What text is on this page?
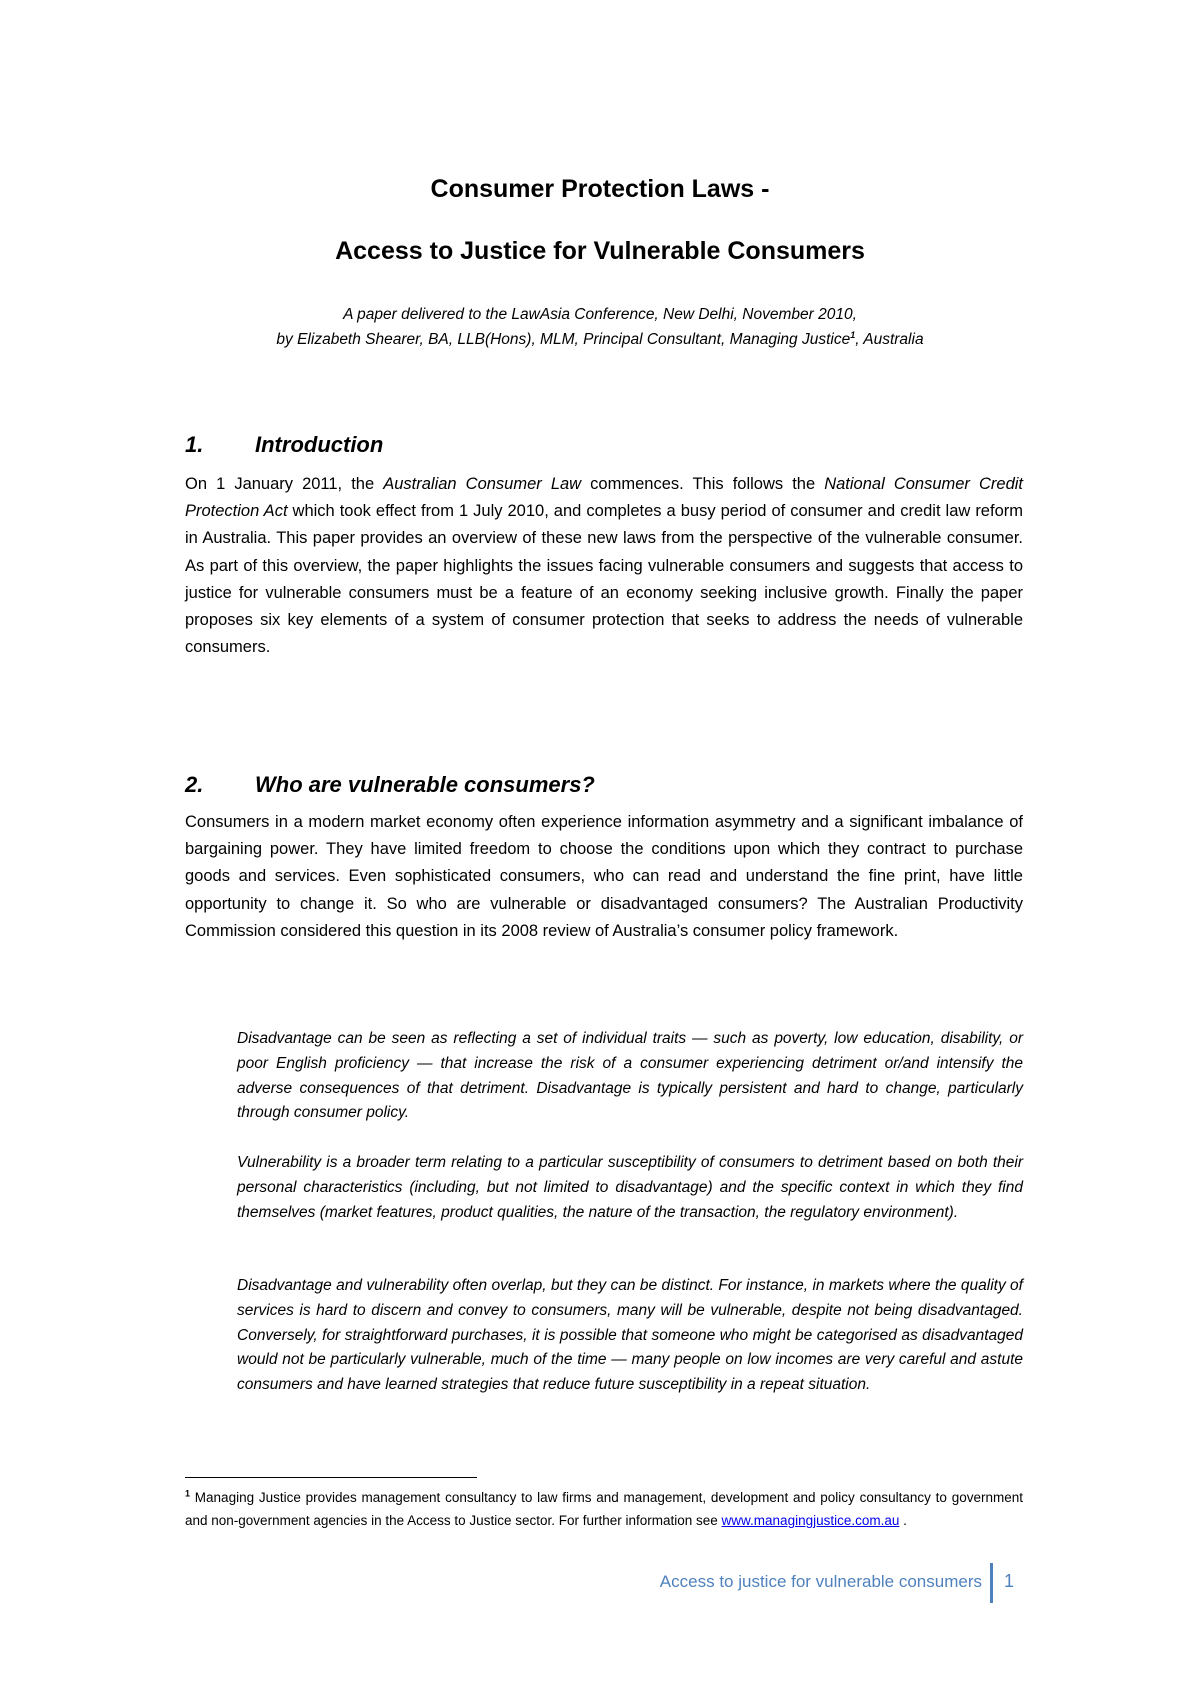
Consumer Protection Laws -
Access to Justice for Vulnerable Consumers
A paper delivered to the LawAsia Conference, New Delhi, November 2010,
by Elizabeth Shearer, BA, LLB(Hons), MLM, Principal Consultant, Managing Justice$^1$, Australia
1. Introduction

On 1 January 2011, the Australian Consumer Law commences. This follows the National Consumer Credit Protection Act which took effect from 1 July 2010, and completes a busy period of consumer and credit law reform in Australia. This paper provides an overview of these new laws from the perspective of the vulnerable consumer. As part of this overview, the paper highlights the issues facing vulnerable consumers and suggests that access to justice for vulnerable consumers must be a feature of an economy seeking inclusive growth. Finally the paper proposes six key elements of a system of consumer protection that seeks to address the needs of vulnerable consumers.

2. Who are vulnerable consumers?

Consumers in a modern market economy often experience information asymmetry and a significant imbalance of bargaining power. They have limited freedom to choose the conditions upon which they contract to purchase goods and services. Even sophisticated consumers, who can read and understand the fine print, have little opportunity to change it. So who are vulnerable or disadvantaged consumers? The Australian Productivity Commission considered this question in its 2008 review of Australia’s consumer policy framework.

Disadvantage can be seen as reflecting a set of individual traits — such as poverty, low education, disability, or poor English proficiency — that increase the risk of a consumer experiencing detriment or/and intensify the adverse consequences of that detriment. Disadvantage is typically persistent and hard to change, particularly through consumer policy.

Vulnerability is a broader term relating to a particular susceptibility of consumers to detriment based on both their personal characteristics (including, but not limited to disadvantage) and the specific context in which they find themselves (market features, product qualities, the nature of the transaction, the regulatory environment).

Disadvantage and vulnerability often overlap, but they can be distinct. For instance, in markets where the quality of services is hard to discern and convey to consumers, many will be vulnerable, despite not being disadvantaged. Conversely, for straightforward purchases, it is possible that someone who might be categorised as disadvantaged would not be particularly vulnerable, much of the time — many people on low incomes are very careful and astute consumers and have learned strategies that reduce future susceptibility in a repeat situation.

$^1$ Managing Justice provides management consultancy to law firms and management, development and policy consultancy to government and non-government agencies in the Access to Justice sector. For further information see www.managingjustice.com.au .

Access to justice for vulnerable consumers 1
